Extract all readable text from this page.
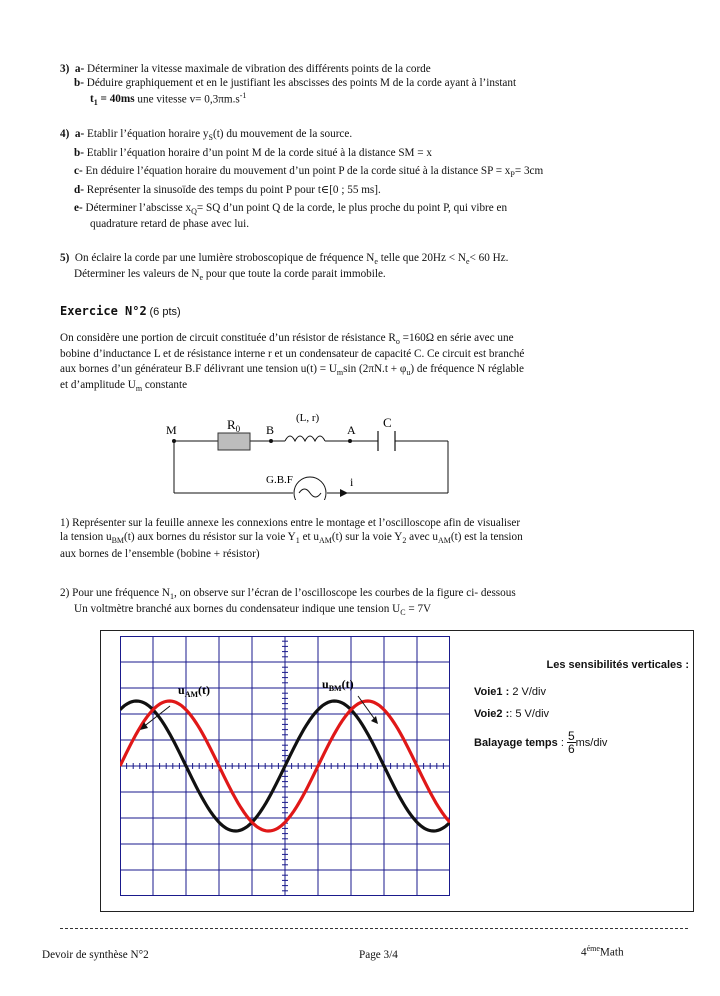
3) a- Déterminer la vitesse maximale de vibration des différents points de la corde
b- Déduire graphiquement et en le justifiant les abscisses des points M de la corde ayant à l’instant
$t_1 = 40ms$ une vitesse $v= 0,3\pi m.s^{-1}$
4) a- Etablir l’équation horaire $y_S(t)$ du mouvement de la source.
b- Etablir l’équation horaire d’un point M de la corde situé à la distance SM = x
c- En déduire l’équation horaire du mouvement d’un point P de la corde situé à la distance SP = $x_P= 3cm$
d- Représenter la sinusoïde des temps du point P pour t∈[0 ; 55 ms].
e- Déterminer l’abscisse $x_Q=$ SQ d’un point Q de la corde, le plus proche du point P, qui vibre en
quadrature retard de phase avec lui.
5) On éclaire la corde par une lumière stroboscopique de fréquence $N_e$ telle que $20Hz < N_e< 60$ Hz.
Déterminer les valeurs de $N_e$ pour que toute la corde parait immobile.
Exercice N°2 (6 pts)
On considère une portion de circuit constituée d’un résistor de résistance $R_o =160\Omega$ en série avec une
bobine d’inductance L et de résistance interne r et un condensateur de capacité C. Ce circuit est branché
aux bornes d’un générateur B.F délivrant une tension $u(t) = U_m\sin$ $(2\pi N.t + \varphi_u)$ de fréquence N réglable
et d’amplitude $U_m$ constante
M	$R_0$ B
(L, r)
A C
G.B.F	i
1) Représenter sur la feuille annexe les connexions entre le montage et l’oscilloscope afin de visualiser
la tension $u_{BM}(t)$ aux bornes du résistor sur la voie $Y_1$ et $u_{AM}(t)$ sur la voie $Y_2$ avec $u_{AM}(t)$ est la tension
aux bornes de l’ensemble (bobine + résistor)
2) Pour une fréquence $N_1$, on observe sur l’écran de l’oscilloscope les courbes de la figure ci- dessous
Un voltmètre branché aux bornes du condensateur indique une tension $U_C = 7V$
$u_{AM}(t)$	$u_{BM}(t)$
Les sensibilités verticales :
Voie1 : 2 V/div
Voie2 :: 5 V/div
Balayage temps
:
5
6 ms/div
Devoir de synthèse N°2	Page 3/4	$4^{éme}Math$
